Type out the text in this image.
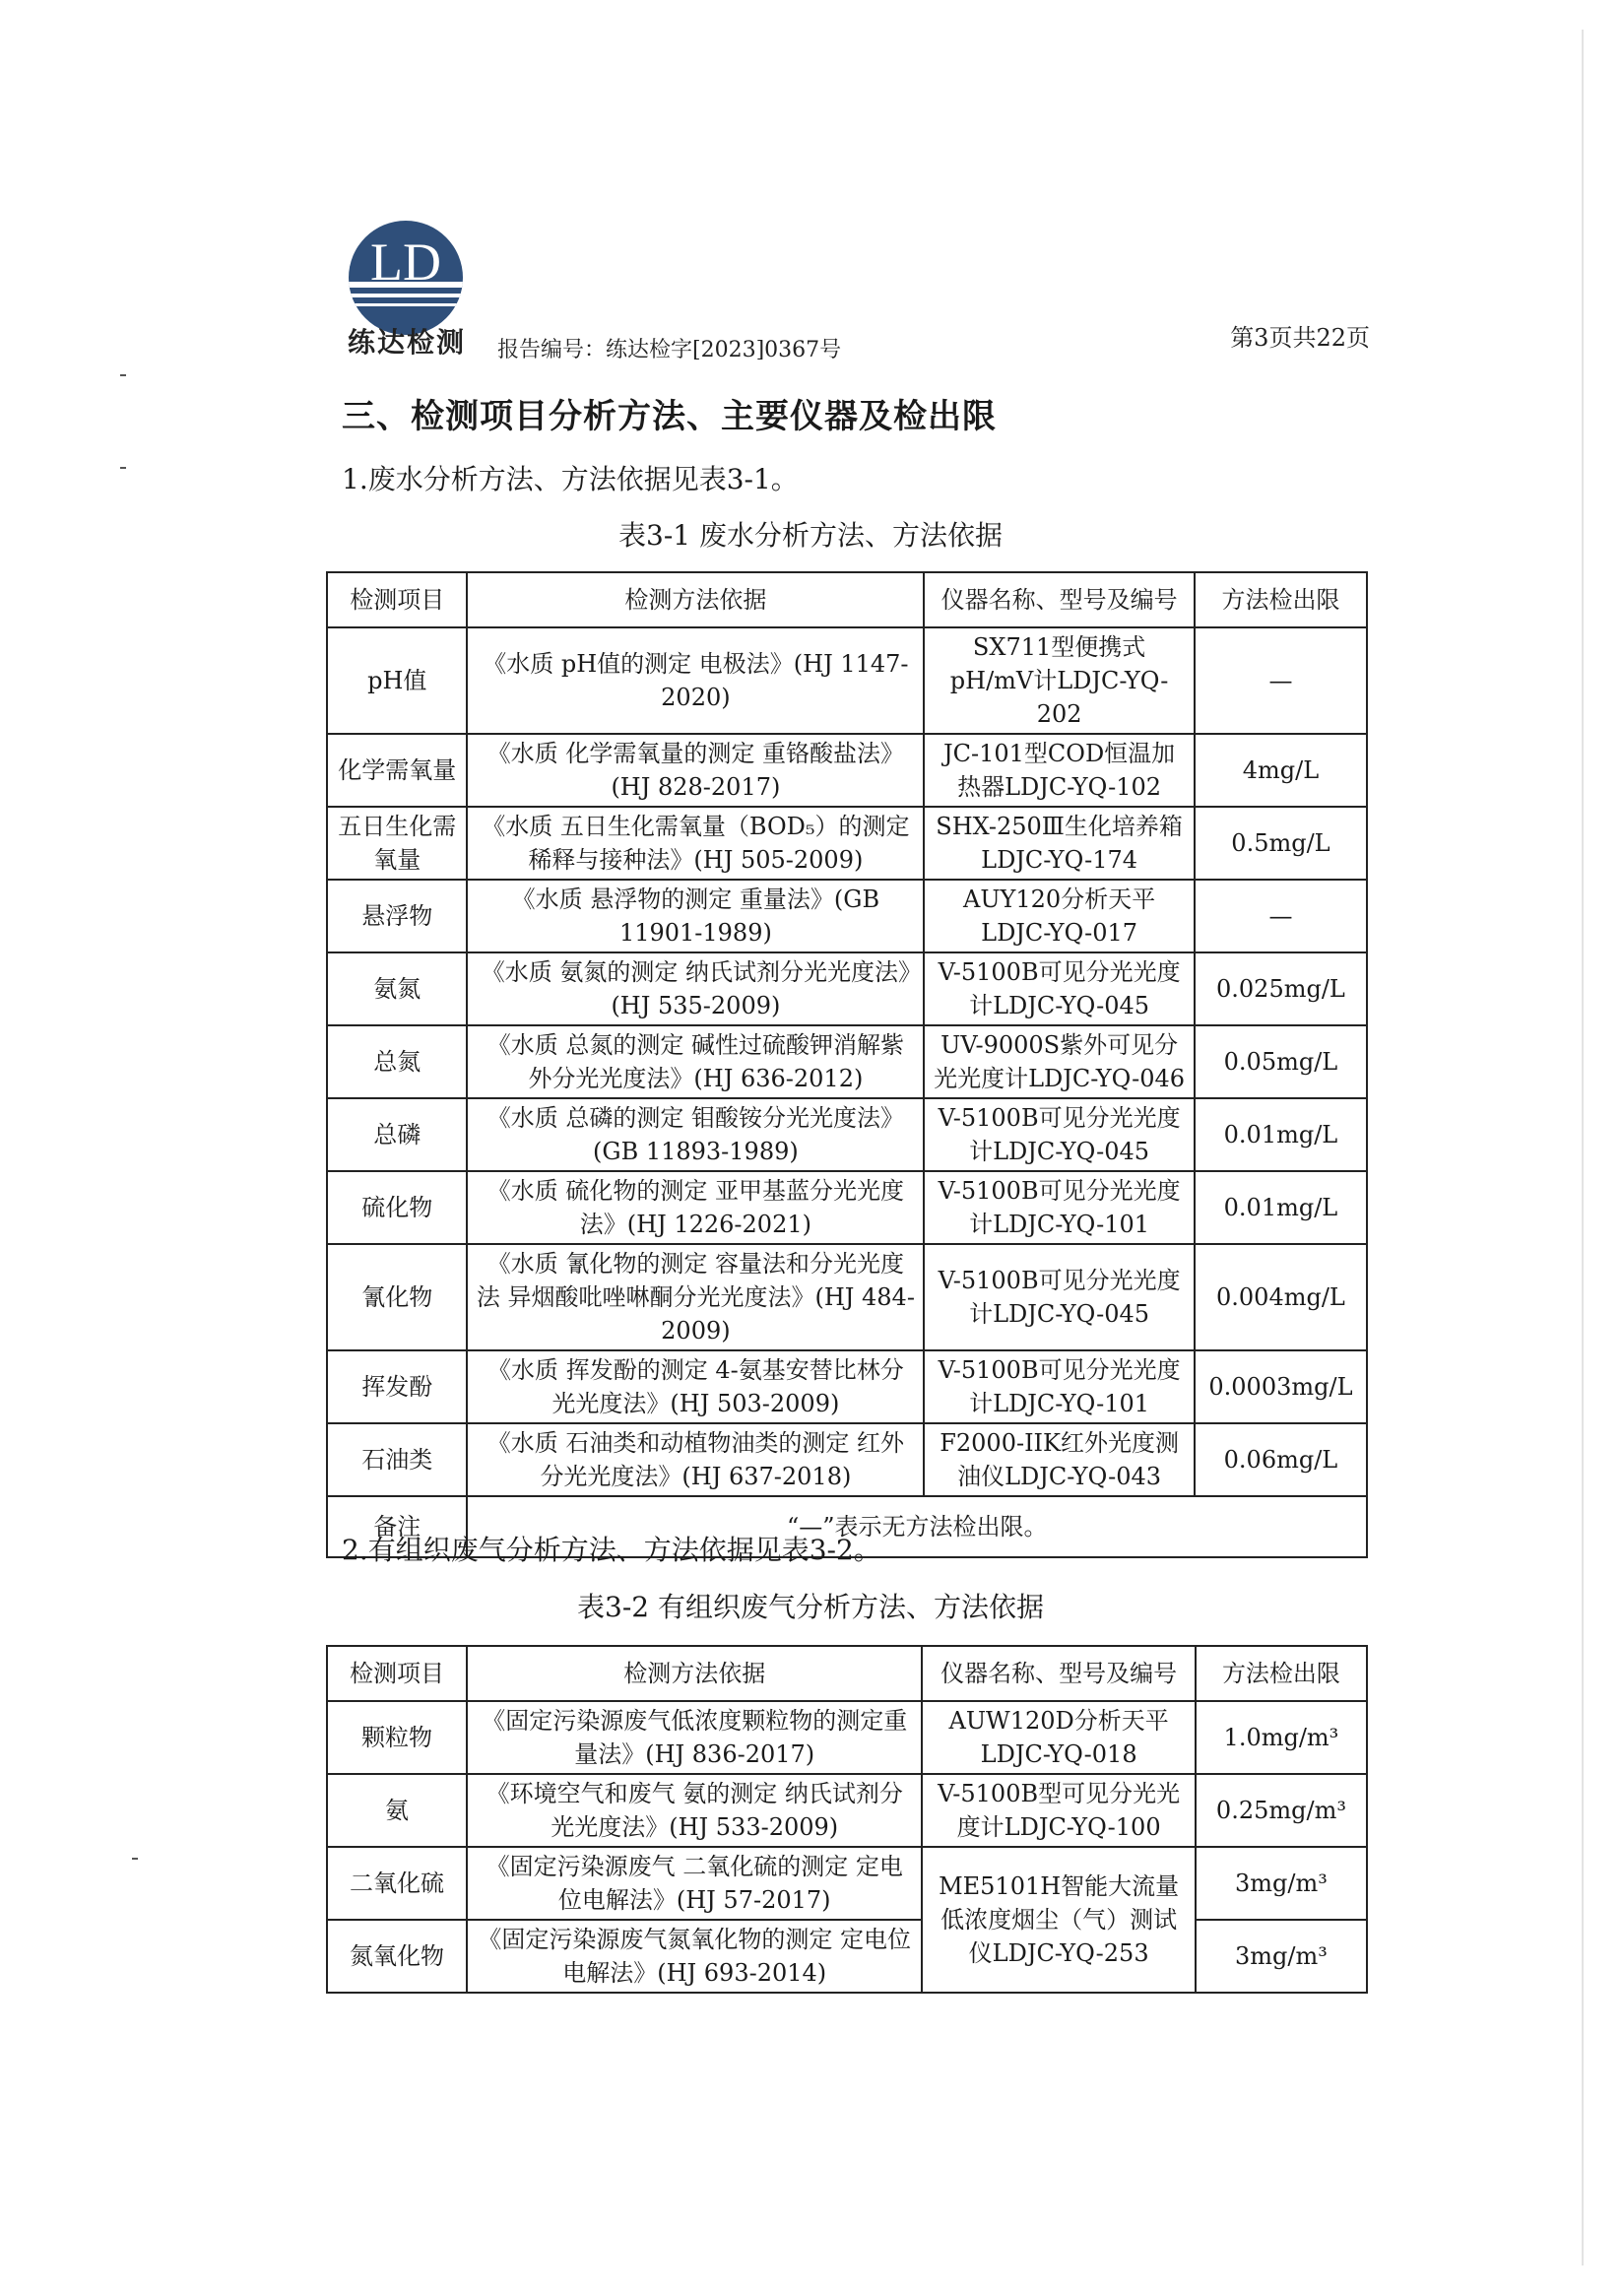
LD
练达检测	报告编号：练达检字[2023]0367号	第3页共22页
三、检测项目分析方法、主要仪器及检出限
1.废水分析方法、方法依据见表3-1。
表3-1 废水分析方法、方法依据
检测项目	检测方法依据	仪器名称、型号及编号	方法检出限
pH值	《水质 pH值的测定 电极法》(HJ 1147-2020)	SX711型便携式pH/mV计LDJC-YQ-202	—
化学需氧量	《水质 化学需氧量的测定 重铬酸盐法》(HJ 828-2017)	JC-101型COD恒温加热器LDJC-YQ-102	4mg/L
五日生化需氧量	《水质 五日生化需氧量（BOD₅）的测定 稀释与接种法》(HJ 505-2009)	SHX-250Ⅲ生化培养箱LDJC-YQ-174	0.5mg/L
悬浮物	《水质 悬浮物的测定 重量法》(GB 11901-1989)	AUY120分析天平LDJC-YQ-017	—
氨氮	《水质 氨氮的测定 纳氏试剂分光光度法》(HJ 535-2009)	V-5100B可见分光光度计LDJC-YQ-045	0.025mg/L
总氮	《水质 总氮的测定 碱性过硫酸钾消解紫外分光光度法》(HJ 636-2012)	UV-9000S紫外可见分光光度计LDJC-YQ-046	0.05mg/L
总磷	《水质 总磷的测定 钼酸铵分光光度法》(GB 11893-1989)	V-5100B可见分光光度计LDJC-YQ-045	0.01mg/L
硫化物	《水质 硫化物的测定 亚甲基蓝分光光度法》(HJ 1226-2021)	V-5100B可见分光光度计LDJC-YQ-101	0.01mg/L
氰化物	《水质 氰化物的测定 容量法和分光光度法 异烟酸吡唑啉酮分光光度法》(HJ 484-2009)	V-5100B可见分光光度计LDJC-YQ-045	0.004mg/L
挥发酚	《水质 挥发酚的测定 4-氨基安替比林分光光度法》(HJ 503-2009)	V-5100B可见分光光度计LDJC-YQ-101	0.0003mg/L
石油类	《水质 石油类和动植物油类的测定 红外分光光度法》(HJ 637-2018)	F2000-IIK红外光度测油仪LDJC-YQ-043	0.06mg/L
备注	“—”表示无方法检出限。		
2.有组织废气分析方法、方法依据见表3-2。
表3-2 有组织废气分析方法、方法依据
检测项目	检测方法依据	仪器名称、型号及编号	方法检出限
颗粒物	《固定污染源废气低浓度颗粒物的测定重量法》(HJ 836-2017)	AUW120D分析天平LDJC-YQ-018	1.0mg/m³
氨	《环境空气和废气 氨的测定 纳氏试剂分光光度法》(HJ 533-2009)	V-5100B型可见分光光度计LDJC-YQ-100	0.25mg/m³
二氧化硫	《固定污染源废气 二氧化硫的测定 定电位电解法》(HJ 57-2017)	ME5101H智能大流量低浓度烟尘（气）测试仪LDJC-YQ-253	3mg/m³
氮氧化物	《固定污染源废气氮氧化物的测定 定电位电解法》(HJ 693-2014)		3mg/m³
